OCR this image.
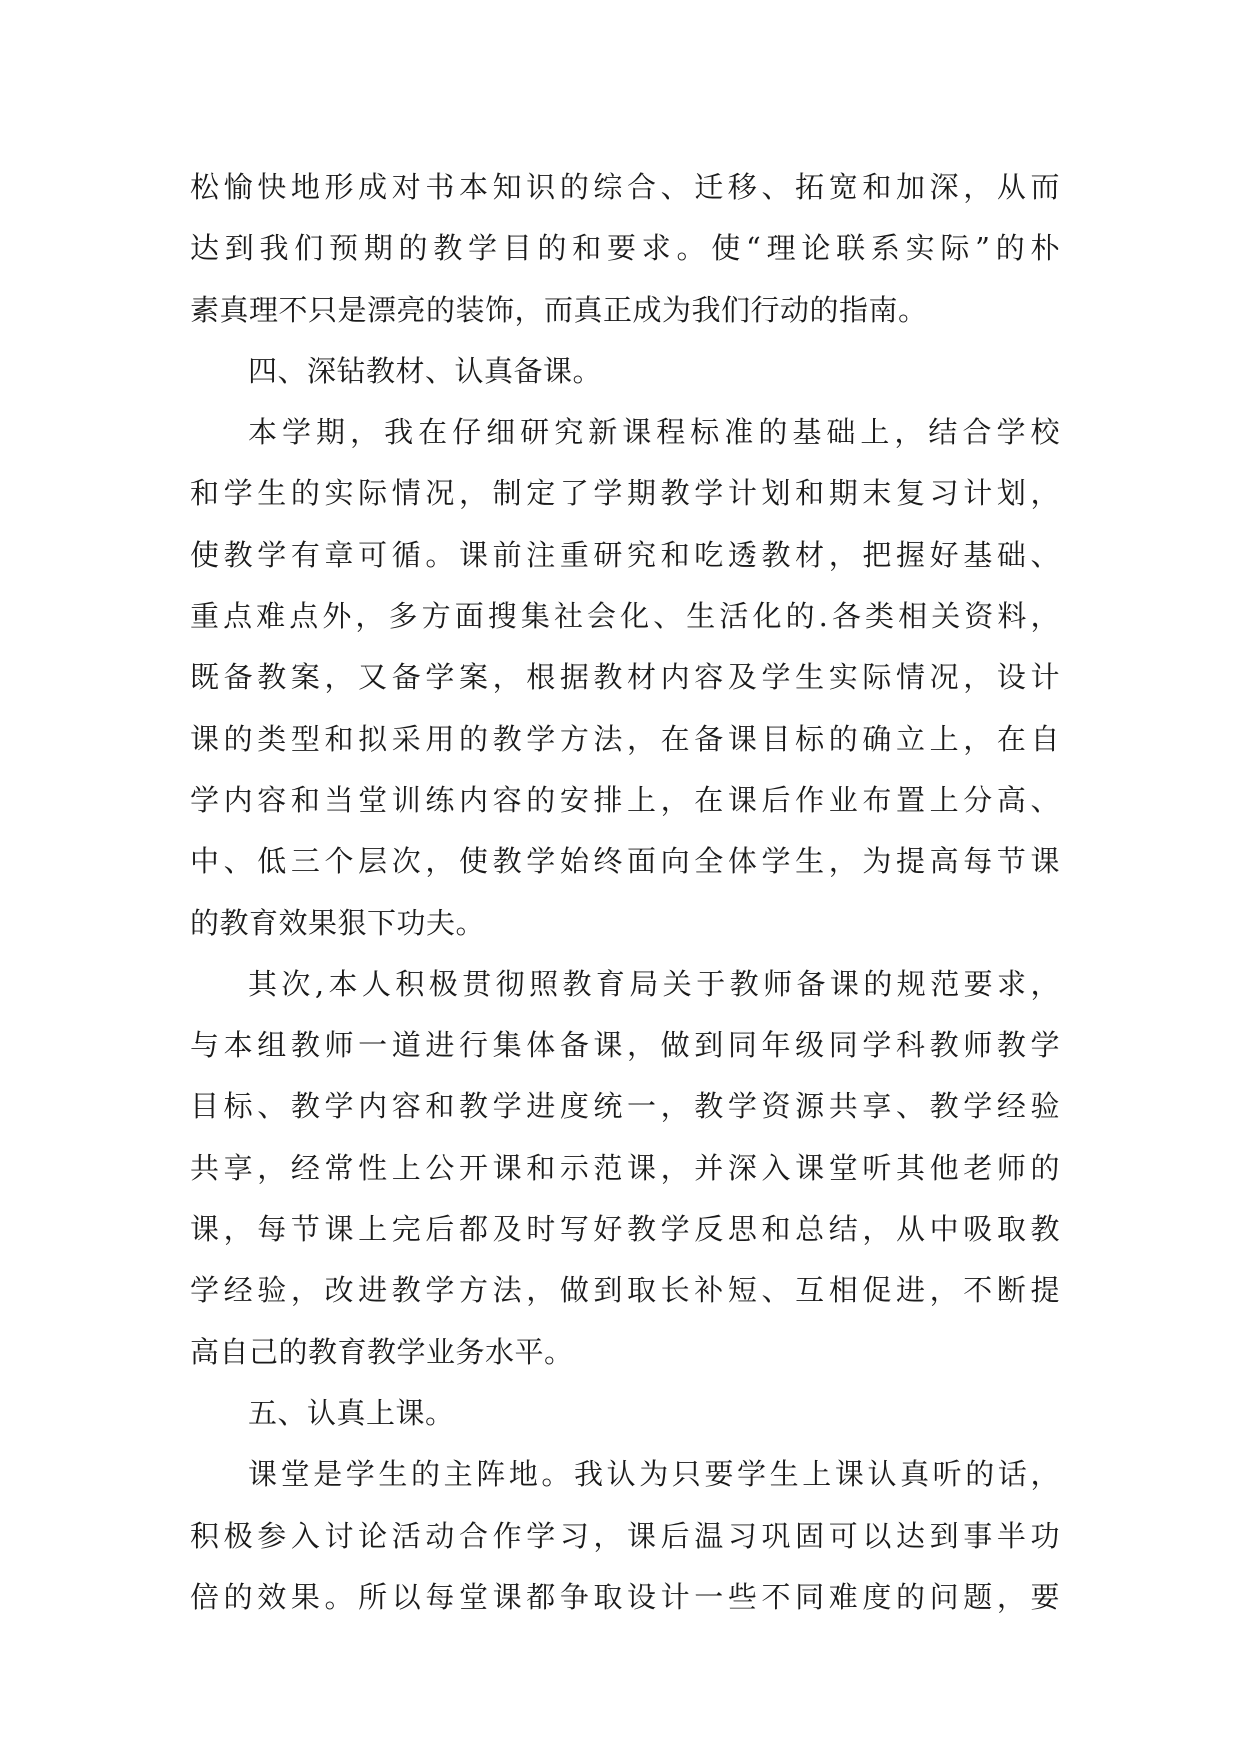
松愉快地形成对书本知识的综合、迁移、拓宽和加深，从而
达到我们预期的教学目的和要求。使“理论联系实际”的朴
素真理不只是漂亮的装饰，而真正成为我们行动的指南。
四、深钻教材、认真备课。
本学期，我在仔细研究新课程标准的基础上，结合学校
和学生的实际情况，制定了学期教学计划和期末复习计划，
使教学有章可循。课前注重研究和吃透教材，把握好基础、
重点难点外，多方面搜集社会化、生活化的.各类相关资料，
既备教案，又备学案，根据教材内容及学生实际情况，设计
课的类型和拟采用的教学方法，在备课目标的确立上，在自
学内容和当堂训练内容的安排上，在课后作业布置上分高、
中、低三个层次，使教学始终面向全体学生，为提高每节课
的教育效果狠下功夫。
其次,本人积极贯彻照教育局关于教师备课的规范要求，
与本组教师一道进行集体备课，做到同年级同学科教师教学
目标、教学内容和教学进度统一，教学资源共享、教学经验
共享，经常性上公开课和示范课，并深入课堂听其他老师的
课，每节课上完后都及时写好教学反思和总结，从中吸取教
学经验，改进教学方法，做到取长补短、互相促进，不断提
高自己的教育教学业务水平。
五、认真上课。
课堂是学生的主阵地。我认为只要学生上课认真听的话，
积极参入讨论活动合作学习，课后温习巩固可以达到事半功
倍的效果。所以每堂课都争取设计一些不同难度的问题，要
